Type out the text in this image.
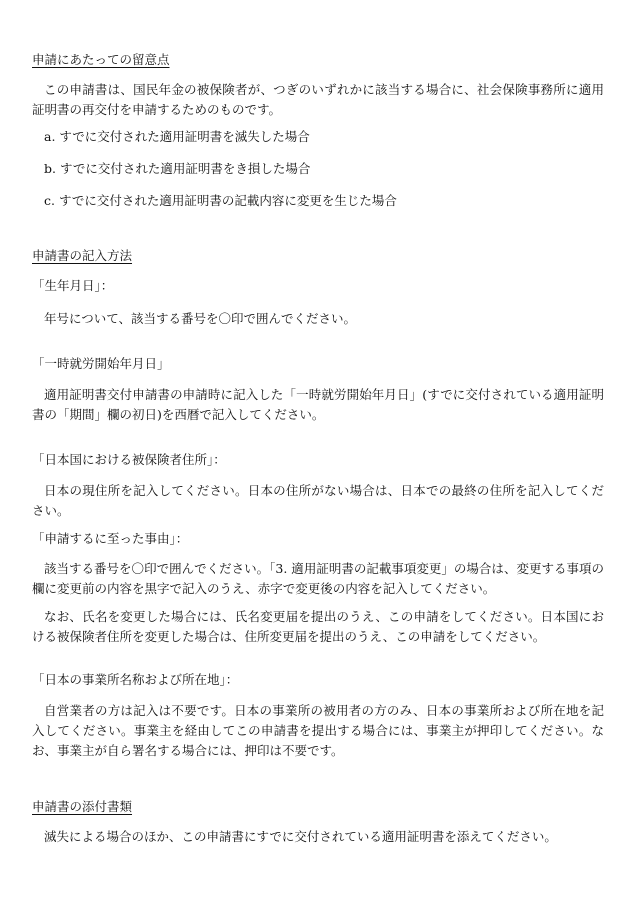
申請にあたっての留意点
この申請書は、国民年金の被保険者が、つぎのいずれかに該当する場合に、社会保険事務所に適用証明書の再交付を申請するためのものです。
a. すでに交付された適用証明書を滅失した場合
b. すでに交付された適用証明書をき損した場合
c. すでに交付された適用証明書の記載内容に変更を生じた場合
申請書の記入方法
「生年月日」：
年号について、該当する番号を〇印で囲んでください。
「一時就労開始年月日」
適用証明書交付申請書の申請時に記入した「一時就労開始年月日」(すでに交付されている適用証明書の「期間」欄の初日)を西暦で記入してください。
「日本国における被保険者住所」：
日本の現住所を記入してください。日本の住所がない場合は、日本での最終の住所を記入してください。
「申請するに至った事由」：
該当する番号を〇印で囲んでください。「3. 適用証明書の記載事項変更」の場合は、変更する事項の欄に変更前の内容を黒字で記入のうえ、赤字で変更後の内容を記入してください。
なお、氏名を変更した場合には、氏名変更届を提出のうえ、この申請をしてください。日本国における被保険者住所を変更した場合は、住所変更届を提出のうえ、この申請をしてください。
「日本の事業所名称および所在地」：
自営業者の方は記入は不要です。日本の事業所の被用者の方のみ、日本の事業所および所在地を記入してください。事業主を経由してこの申請書を提出する場合には、事業主が押印してください。なお、事業主が自ら署名する場合には、押印は不要です。
申請書の添付書類
滅失による場合のほか、この申請書にすでに交付されている適用証明書を添えてください。
